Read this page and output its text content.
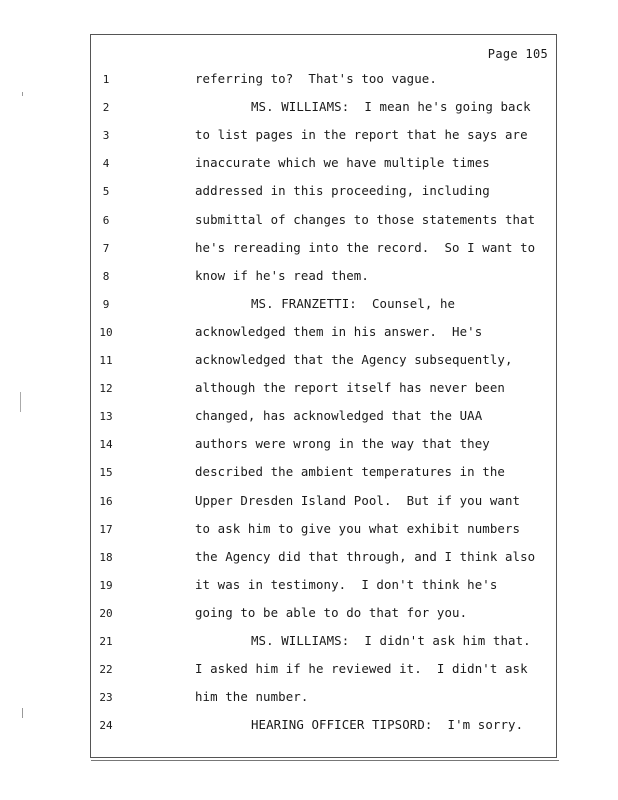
Page 105
1	referring to?  That's too vague.
2	MS. WILLIAMS:  I mean he's going back
3	to list pages in the report that he says are
4	inaccurate which we have multiple times
5	addressed in this proceeding, including
6	submittal of changes to those statements that
7	he's rereading into the record.  So I want to
8	know if he's read them.
9	MS. FRANZETTI:  Counsel, he
10	acknowledged them in his answer.  He's
11	acknowledged that the Agency subsequently,
12	although the report itself has never been
13	changed, has acknowledged that the UAA
14	authors were wrong in the way that they
15	described the ambient temperatures in the
16	Upper Dresden Island Pool.  But if you want
17	to ask him to give you what exhibit numbers
18	the Agency did that through, and I think also
19	it was in testimony.  I don't think he's
20	going to be able to do that for you.
21	MS. WILLIAMS:  I didn't ask him that.
22	I asked him if he reviewed it.  I didn't ask
23	him the number.
24	HEARING OFFICER TIPSORD:  I'm sorry.
